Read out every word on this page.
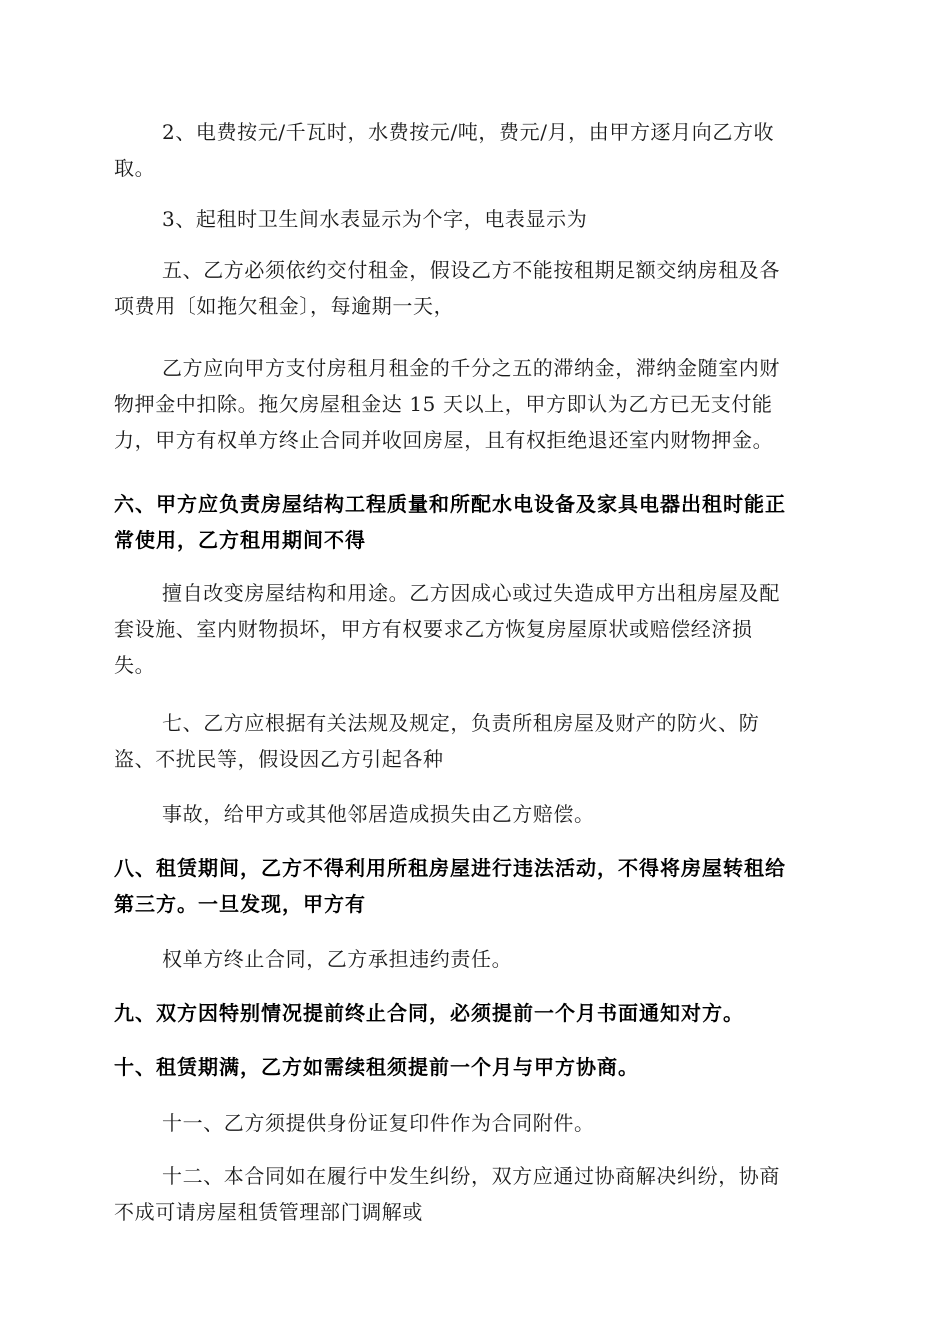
2、电费按元/千瓦时，水费按元/吨，费元/月，由甲方逐月向乙方收
取。

3、起租时卫生间水表显示为个字，电表显示为

五、乙方必须依约交付租金，假设乙方不能按租期足额交纳房租及各
项费用〔如拖欠租金〕，每逾期一天，

乙方应向甲方支付房租月租金的千分之五的滞纳金，滞纳金随室内财
物押金中扣除。拖欠房屋租金达 15 天以上，甲方即认为乙方已无支付能
力，甲方有权单方终止合同并收回房屋，且有权拒绝退还室内财物押金。

六、甲方应负责房屋结构工程质量和所配水电设备及家具电器出租时能正
常使用，乙方租用期间不得

擅自改变房屋结构和用途。乙方因成心或过失造成甲方出租房屋及配
套设施、室内财物损坏，甲方有权要求乙方恢复房屋原状或赔偿经济损
失。

七、乙方应根据有关法规及规定，负责所租房屋及财产的防火、防
盗、不扰民等，假设因乙方引起各种

事故，给甲方或其他邻居造成损失由乙方赔偿。

八、租赁期间，乙方不得利用所租房屋进行违法活动，不得将房屋转租给
第三方。一旦发现，甲方有

权单方终止合同，乙方承担违约责任。

九、双方因特别情况提前终止合同，必须提前一个月书面通知对方。

十、租赁期满，乙方如需续租须提前一个月与甲方协商。

十一、乙方须提供身份证复印件作为合同附件。

十二、本合同如在履行中发生纠纷，双方应通过协商解决纠纷，协商
不成可请房屋租赁管理部门调解或
